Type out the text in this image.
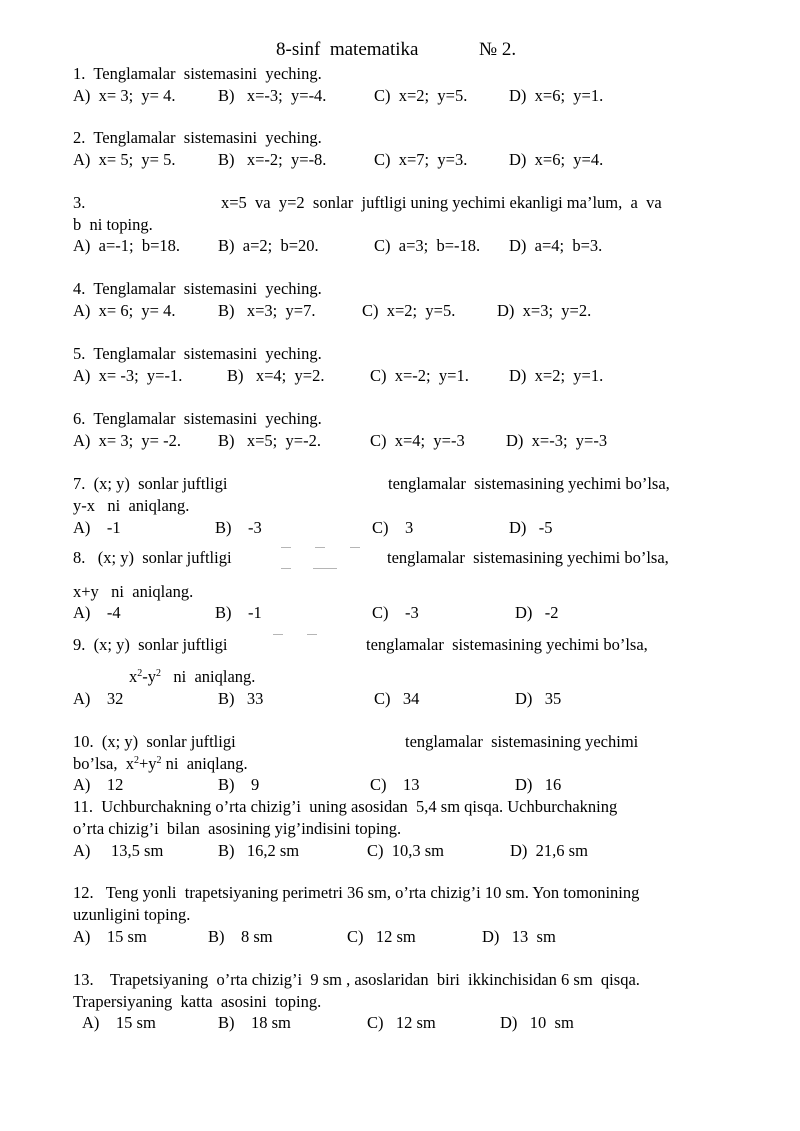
8-sinf  matematika	№ 2.
1.  Tenglamalar  sistemasini  yeching.
A)  x= 3;  y= 4.	B)   x=-3;  y=-4.	C)  x=2;  y=5.	D)  x=6;  y=1.
2.  Tenglamalar  sistemasini  yeching.
A)  x= 5;  y= 5.	B)   x=-2;  y=-8.	C)  x=7;  y=3.	D)  x=6;  y=4.
3.	x=5  va  y=2  sonlar  juftligi uning yechimi ekanligi ma’lum,  a  va
b  ni toping.
A)  a=-1;  b=18. B)  a=2;  b=20.	C)  a=3;  b=-18. D)  a=4;  b=3.
4.  Tenglamalar  sistemasini  yeching.
A)  x= 6;  y= 4.	B)   x=3;  y=7.	C)  x=2;  y=5.	D)  x=3;  y=2.
5.  Tenglamalar  sistemasini  yeching.
A)  x= -3;  y=-1.	B)   x=4;  y=2.	C)  x=-2;  y=1. D)  x=2;  y=1.
6.  Tenglamalar  sistemasini  yeching.
A)  x= 3;  y= -2. B)   x=5;  y=-2.	C)  x=4;  y=-3	D)  x=-3;  y=-3
7.  (x; y)  sonlar juftligi	tenglamalar  sistemasining yechimi bo’lsa,
y-x   ni  aniqlang.
A)    -1	B)    -3	C)    3	D)   -5
8.   (x; y)  sonlar juftligi	tenglamalar  sistemasining yechimi bo’lsa,
x+y   ni  aniqlang.
A)    -4	B)    -1	C)    -3	D)   -2
9.  (x; y)  sonlar juftligi	tenglamalar  sistemasining yechimi bo’lsa,
$x^2-y^2$ ni  aniqlang.
A)    32	B)   33	C)   34	D)   35
10.  (x; y)  sonlar juftligi	tenglamalar  sistemasining yechimi
bo’lsa,  $x^2+y^2$ ni  aniqlang.
A)    12	B)    9	C)    13	D)   16
11.  Uchburchakning o’rta chizig’i  uning asosidan  5,4 sm qisqa. Uchburchakning
o’rta chizig’i  bilan  asosining yig’indisini toping.
A)     13,5 sm	B)   16,2 sm	C)  10,3 sm	D)  21,6 sm
12.   Teng yonli  trapetsiyaning perimetri 36 sm, o’rta chizig’i 10 sm. Yon tomonining
uzunligini toping.
A)    15 sm	B)    8 sm	C)   12 sm	D)   13  sm
13.    Trapetsiyaning  o’rta chizig’i  9 sm , asoslaridan  biri  ikkinchisidan 6 sm  qisqa.
Trapersiyaning  katta  asosini  toping.
A)    15 sm	B)    18 sm	C)   12 sm	D)   10  sm
